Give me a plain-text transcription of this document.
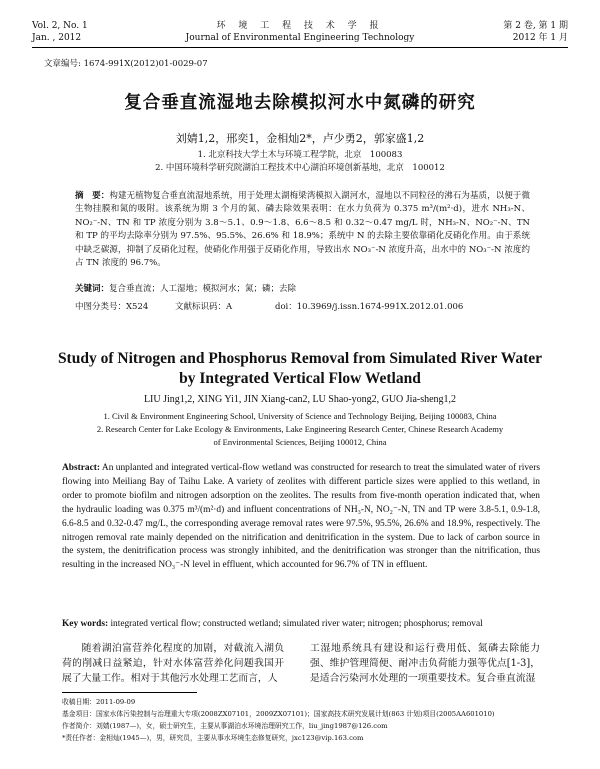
Vol. 2, No. 1
Jan. , 2012
环 境 工 程 技 术 学 报
Journal of Environmental Engineering Technology
第 2 卷, 第 1 期
2012 年 1 月
文章编号: 1674-991X(2012)01-0029-07
复合垂直流湿地去除模拟河水中氮磷的研究
刘婧1,2，邢奕1，金相灿2*，卢少勇2，郭家盛1,2
1. 北京科技大学土木与环境工程学院，北京　100083
2. 中国环境科学研究院湖泊工程技术中心湖泊环境创新基地，北京　100012
摘　要：构建无植物复合垂直流湿地系统，用于处理太湖梅梁湾模拟入湖河水，湿地以不同粒径的沸石为基质，以便于微生物挂膜和氮的吸附。该系统为期 3 个月的氮、磷去除效果表明：在水力负荷为 0.375 m³/(m²·d)，进水 NH₃-N、NO₂⁻-N、TN 和 TP 浓度分别为 3.8～5.1、0.9～1.8、6.6～8.5 和 0.32～0.47 mg/L 时，NH₃-N、NO₂⁻-N、TN 和 TP 的平均去除率分别为 97.5%、95.5%、26.6% 和 18.9%；系统中 N 的去除主要依靠硝化反硝化作用。由于系统中缺乏碳源，抑制了反硝化过程，使硝化作用强于反硝化作用，导致出水 NO₃⁻-N 浓度升高，出水中的 NO₃⁻-N 浓度约占 TN 浓度的 96.7%。
关键词：复合垂直流；人工湿地；模拟河水；氮；磷；去除
中图分类号：X524	文献标识码：A	doi：10.3969/j.issn.1674-991X.2012.01.006
Study of Nitrogen and Phosphorus Removal from Simulated River Water
by Integrated Vertical Flow Wetland
LIU Jing1,2, XING Yi1, JIN Xiang-can2, LU Shao-yong2, GUO Jia-sheng1,2
1. Civil & Environment Engineering School, University of Science and Technology Beijing, Beijing 100083, China
2. Research Center for Lake Ecology & Environments, Lake Engineering Research Center, Chinese Research Academy
of Environmental Sciences, Beijing 100012, China
Abstract: An unplanted and integrated vertical-flow wetland was constructed for research to treat the simulated water of rivers flowing into Meiliang Bay of Taihu Lake. A variety of zeolites with different particle sizes were applied to this wetland, in order to promote biofilm and nitrogen adsorption on the zeolites. The results from five-month operation indicated that, when the hydraulic loading was 0.375 m³/(m²·d) and influent concentrations of NH₃-N, NO₂⁻-N, TN and TP were 3.8-5.1, 0.9-1.8, 6.6-8.5 and 0.32-0.47 mg/L, the corresponding average removal rates were 97.5%, 95.5%, 26.6% and 18.9%, respectively. The nitrogen removal rate mainly depended on the nitrification and denitrification in the system. Due to lack of carbon source in the system, the denitrification process was strongly inhibited, and the denitrification was stronger than the nitrification, thus resulting in the increased NO₃⁻-N level in effluent, which accounted for 96.7% of TN in effluent.
Key words: integrated vertical flow; constructed wetland; simulated river water; nitrogen; phosphorus; removal
随着湖泊富营养化程度的加剧，对截流入湖负荷的削减日益紧迫，针对水体富营养化问题我国开展了大量工作。相对于其他污水处理工艺而言，人
工湿地系统具有建设和运行费用低、氮磷去除能力强、维护管理简便、耐冲击负荷能力强等优点[1-3]，是适合污染河水处理的一项重要技术。复合垂直流湿
收稿日期：2011-09-09
基金项目：国家水体污染控制与治理重大专项(2008ZX07101，2009ZX07101)；国家高技术研究发展计划(863 计划)项目(2005AA601010)
作者简介：刘婧(1987—)，女，硕士研究生，主要从事湖泊水环境治理研究工作，liu_jing1987@126.com
*责任作者：金相灿(1945—)，男，研究员，主要从事水环境生态修复研究，jxc123@vip.163.com
